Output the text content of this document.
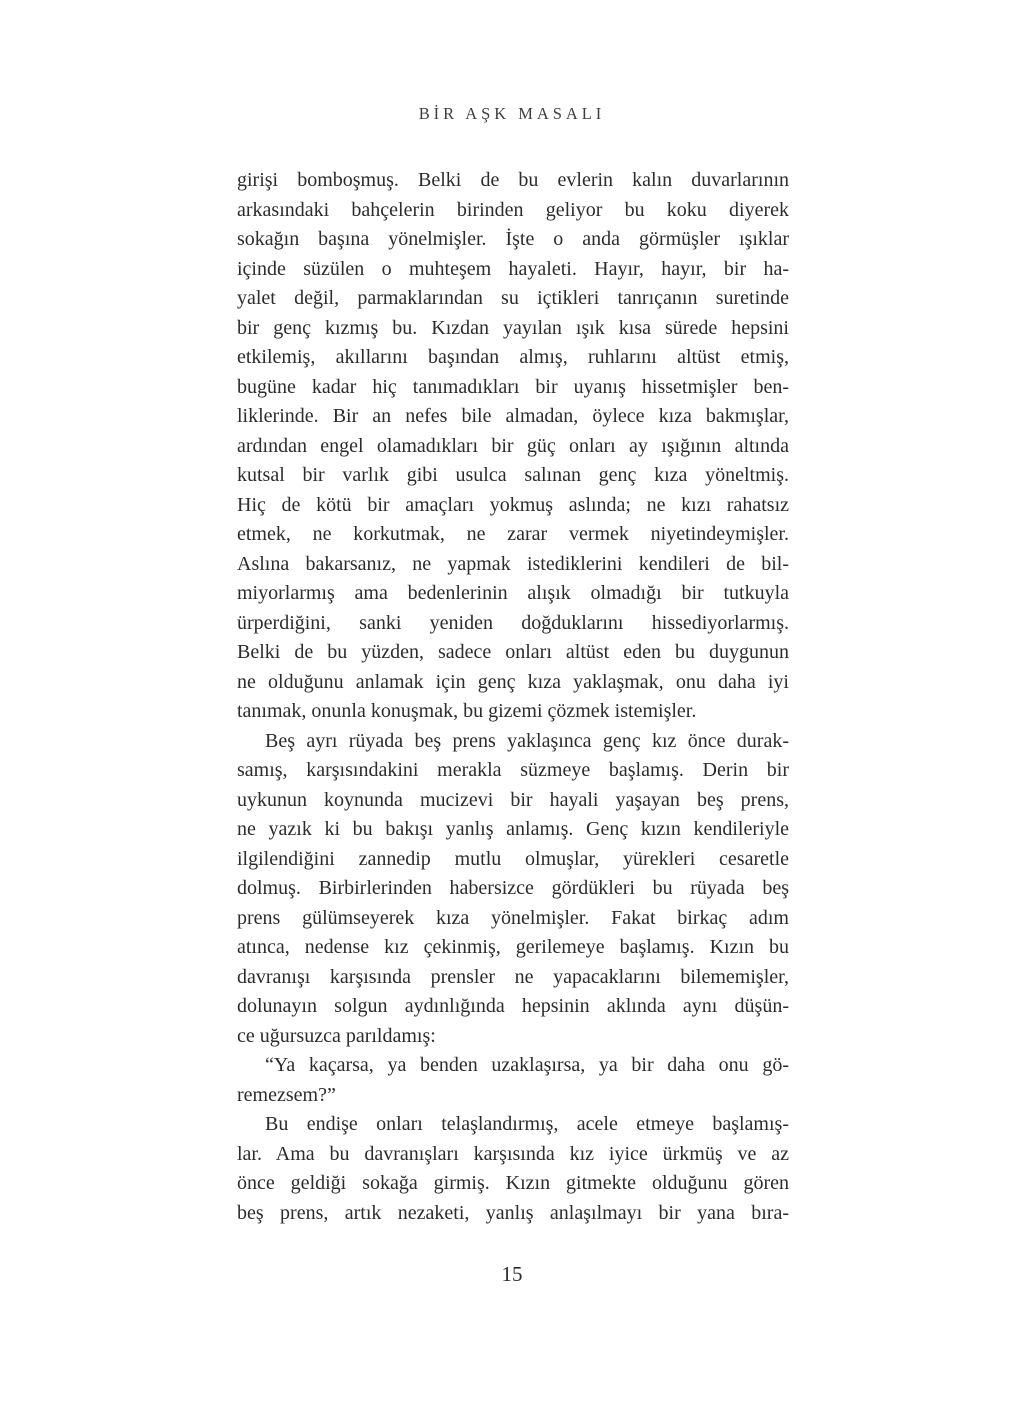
BİR AŞK MASALI
girişi bomboşmuş. Belki de bu evlerin kalın duvarlarının
arkasındaki bahçelerin birinden geliyor bu koku diyerek
sokağın başına yönelmişler. İşte o anda görmüşler ışıklar
içinde süzülen o muhteşem hayaleti. Hayır, hayır, bir ha-
yalet değil, parmaklarından su içtikleri tanrıçanın suretinde
bir genç kızmış bu. Kızdan yayılan ışık kısa sürede hepsini
etkilemiş, akıllarını başından almış, ruhlarını altüst etmiş,
bugüne kadar hiç tanımadıkları bir uyanış hissetmişler ben-
liklerinde. Bir an nefes bile almadan, öylece kıza bakmışlar,
ardından engel olamadıkları bir güç onları ay ışığının altında
kutsal bir varlık gibi usulca salınan genç kıza yöneltmiş.
Hiç de kötü bir amaçları yokmuş aslında; ne kızı rahatsız
etmek, ne korkutmak, ne zarar vermek niyetindeymişler.
Aslına bakarsanız, ne yapmak istediklerini kendileri de bil-
miyorlarmış ama bedenlerinin alışık olmadığı bir tutkuyla
ürperdiğini, sanki yeniden doğduklarını hissediyorlarmış.
Belki de bu yüzden, sadece onları altüst eden bu duygunun
ne olduğunu anlamak için genç kıza yaklaşmak, onu daha iyi
tanımak, onunla konuşmak, bu gizemi çözmek istemişler.
Beş ayrı rüyada beş prens yaklaşınca genç kız önce durak-
samış, karşısındakini merakla süzmeye başlamış. Derin bir
uykunun koynunda mucizevi bir hayali yaşayan beş prens,
ne yazık ki bu bakışı yanlış anlamış. Genç kızın kendileriyle
ilgilendiğini zannedip mutlu olmuşlar, yürekleri cesaretle
dolmuş. Birbirlerinden habersizce gördükleri bu rüyada beş
prens gülümseyerek kıza yönelmişler. Fakat birkaç adım
atınca, nedense kız çekinmiş, gerilemeye başlamış. Kızın bu
davranışı karşısında prensler ne yapacaklarını bilememişler,
dolunayın solgun aydınlığında hepsinin aklında aynı düşün-
ce uğursuzca parıldamış:
“Ya kaçarsa, ya benden uzaklaşırsa, ya bir daha onu gö-
remezsem?”
Bu endişe onları telaşlandırmış, acele etmeye başlamış-
lar. Ama bu davranışları karşısında kız iyice ürkmüş ve az
önce geldiği sokağa girmiş. Kızın gitmekte olduğunu gören
beş prens, artık nezaketi, yanlış anlaşılmayı bir yana bıra-
15
